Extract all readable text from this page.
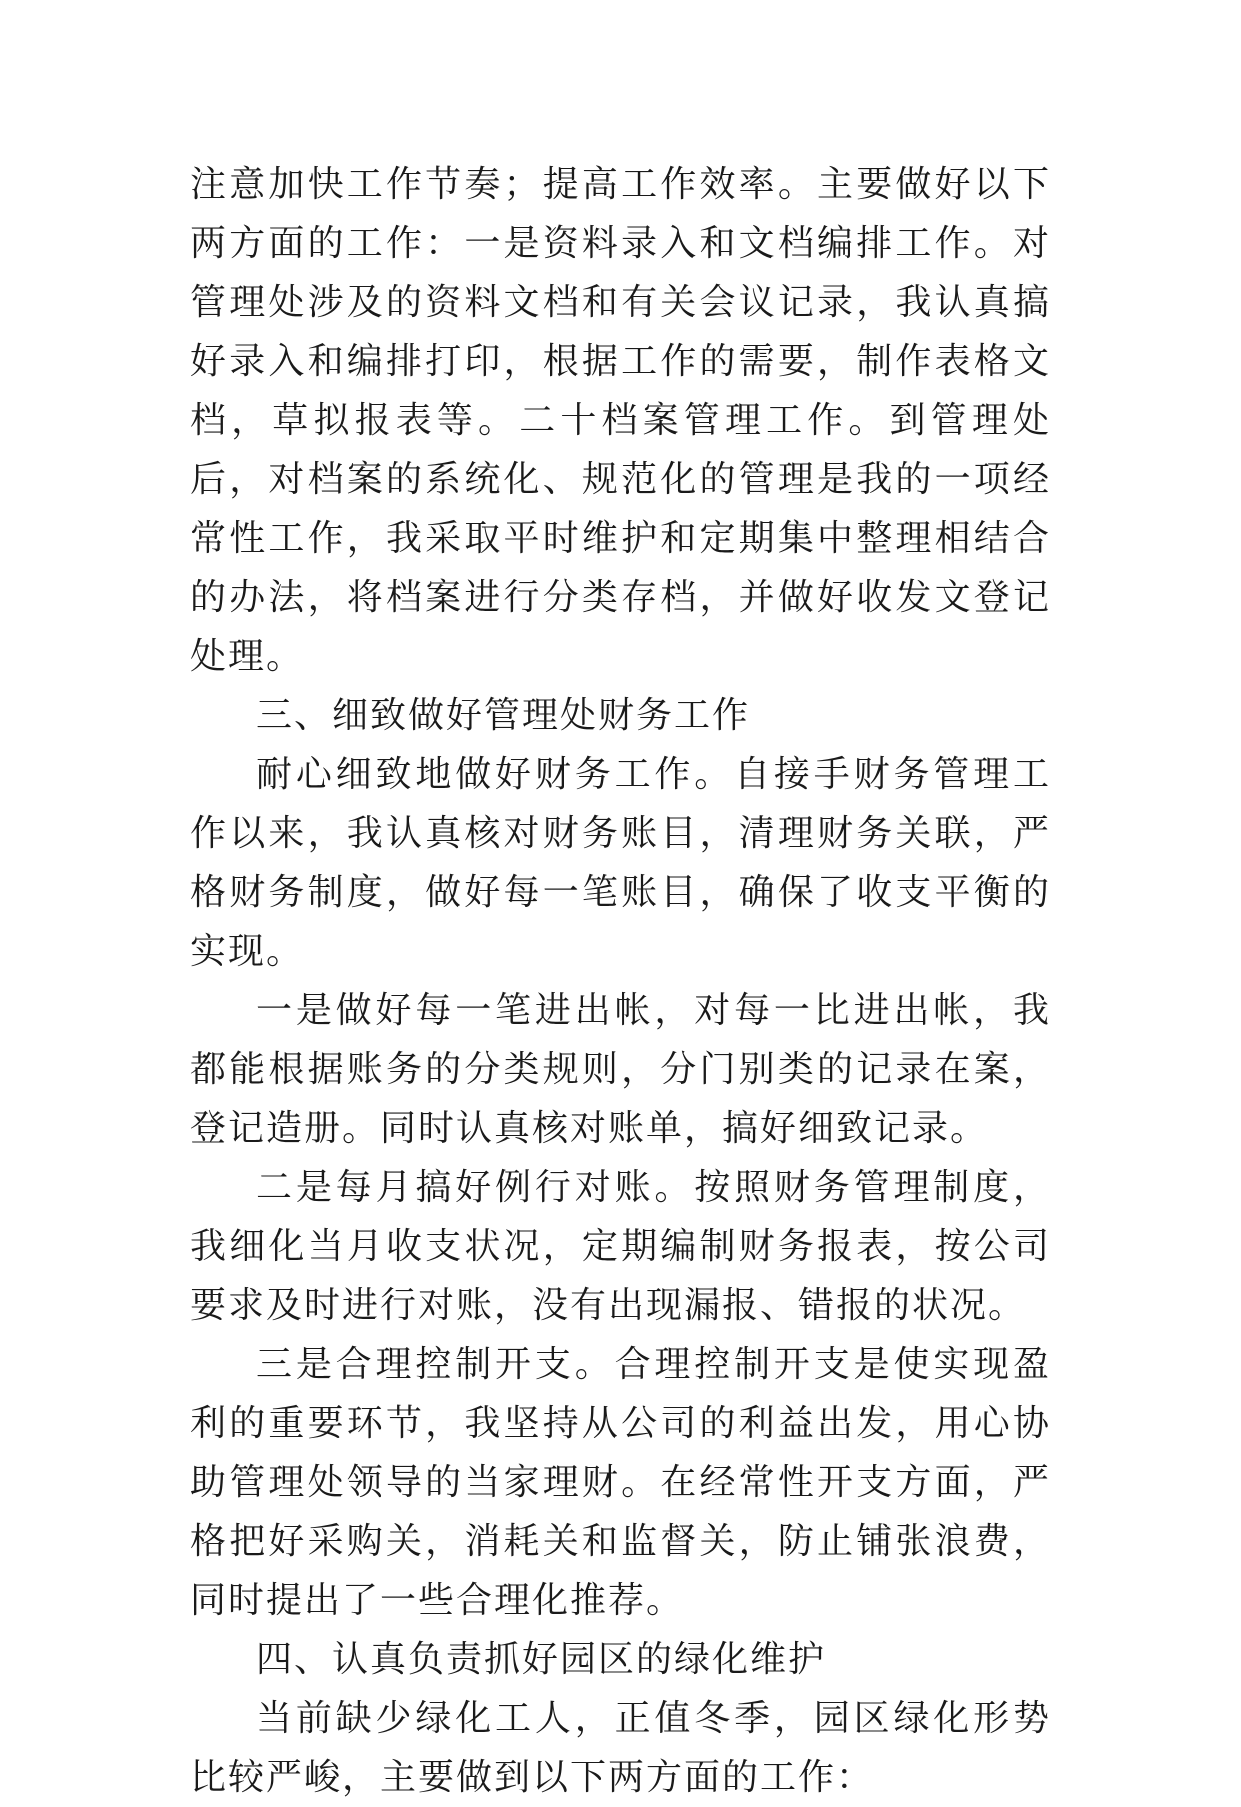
注意加快工作节奏；提高工作效率。主要做好以下两方面的工作：一是资料录入和文档编排工作。对管理处涉及的资料文档和有关会议记录，我认真搞好录入和编排打印，根据工作的需要，制作表格文档，草拟报表等。二十档案管理工作。到管理处后，对档案的系统化、规范化的管理是我的一项经常性工作，我采取平时维护和定期集中整理相结合的办法，将档案进行分类存档，并做好收发文登记处理。

三、细致做好管理处财务工作

耐心细致地做好财务工作。自接手财务管理工作以来，我认真核对财务账目，清理财务关联，严格财务制度，做好每一笔账目，确保了收支平衡的实现。

一是做好每一笔进出帐，对每一比进出帐，我都能根据账务的分类规则，分门别类的记录在案，登记造册。同时认真核对账单，搞好细致记录。

二是每月搞好例行对账。按照财务管理制度，我细化当月收支状况，定期编制财务报表，按公司要求及时进行对账，没有出现漏报、错报的状况。

三是合理控制开支。合理控制开支是使实现盈利的重要环节，我坚持从公司的利益出发，用心协助管理处领导的当家理财。在经常性开支方面，严格把好采购关，消耗关和监督关，防止铺张浪费，同时提出了一些合理化推荐。

四、认真负责抓好园区的绿化维护

当前缺少绿化工人，正值冬季，园区绿化形势比较严峻，主要做到以下两方面的工作：
